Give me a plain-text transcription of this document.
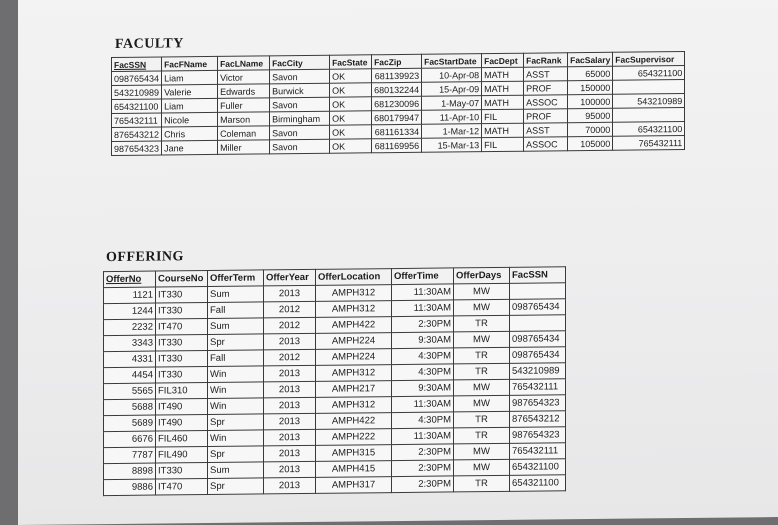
FACULTY
FacSSN	FacFName	FacLName	FacCity	FacState	FacZip	FacStartDate	FacDept	FacRank	FacSalary	FacSupervisor
098765434	Liam	Victor	Savon	OK	681139923	10-Apr-08	MATH	ASST	65000	654321100
543210989	Valerie	Edwards	Burwick	OK	680132244	15-Apr-09	MATH	PROF	150000	
654321100	Liam	Fuller	Savon	OK	681230096	1-May-07	MATH	ASSOC	100000	543210989
765432111	Nicole	Marson	Birmingham	OK	680179947	11-Apr-10	FIL	PROF	95000	
876543212	Chris	Coleman	Savon	OK	681161334	1-Mar-12	MATH	ASST	70000	654321100
987654323	Jane	Miller	Savon	OK	681169956	15-Mar-13	FIL	ASSOC	105000	765432111
OFFERING
OfferNo	CourseNo	OfferTerm	OfferYear	OfferLocation	OfferTime	OfferDays	FacSSN
1121	IT330	Sum	2013	AMPH312	11:30AM	MW	
1244	IT330	Fall	2012	AMPH312	11:30AM	MW	098765434
2232	IT470	Sum	2012	AMPH422	2:30PM	TR	
3343	IT330	Spr	2013	AMPH224	9:30AM	MW	098765434
4331	IT330	Fall	2012	AMPH224	4:30PM	TR	098765434
4454	IT330	Win	2013	AMPH312	4:30PM	TR	543210989
5565	FIL310	Win	2013	AMPH217	9:30AM	MW	765432111
5688	IT490	Win	2013	AMPH312	11:30AM	MW	987654323
5689	IT490	Spr	2013	AMPH422	4:30PM	TR	876543212
6676	FIL460	Win	2013	AMPH222	11:30AM	TR	987654323
7787	FIL490	Spr	2013	AMPH315	2:30PM	MW	765432111
8898	IT330	Sum	2013	AMPH415	2:30PM	MW	654321100
9886	IT470	Spr	2013	AMPH317	2:30PM	TR	654321100
